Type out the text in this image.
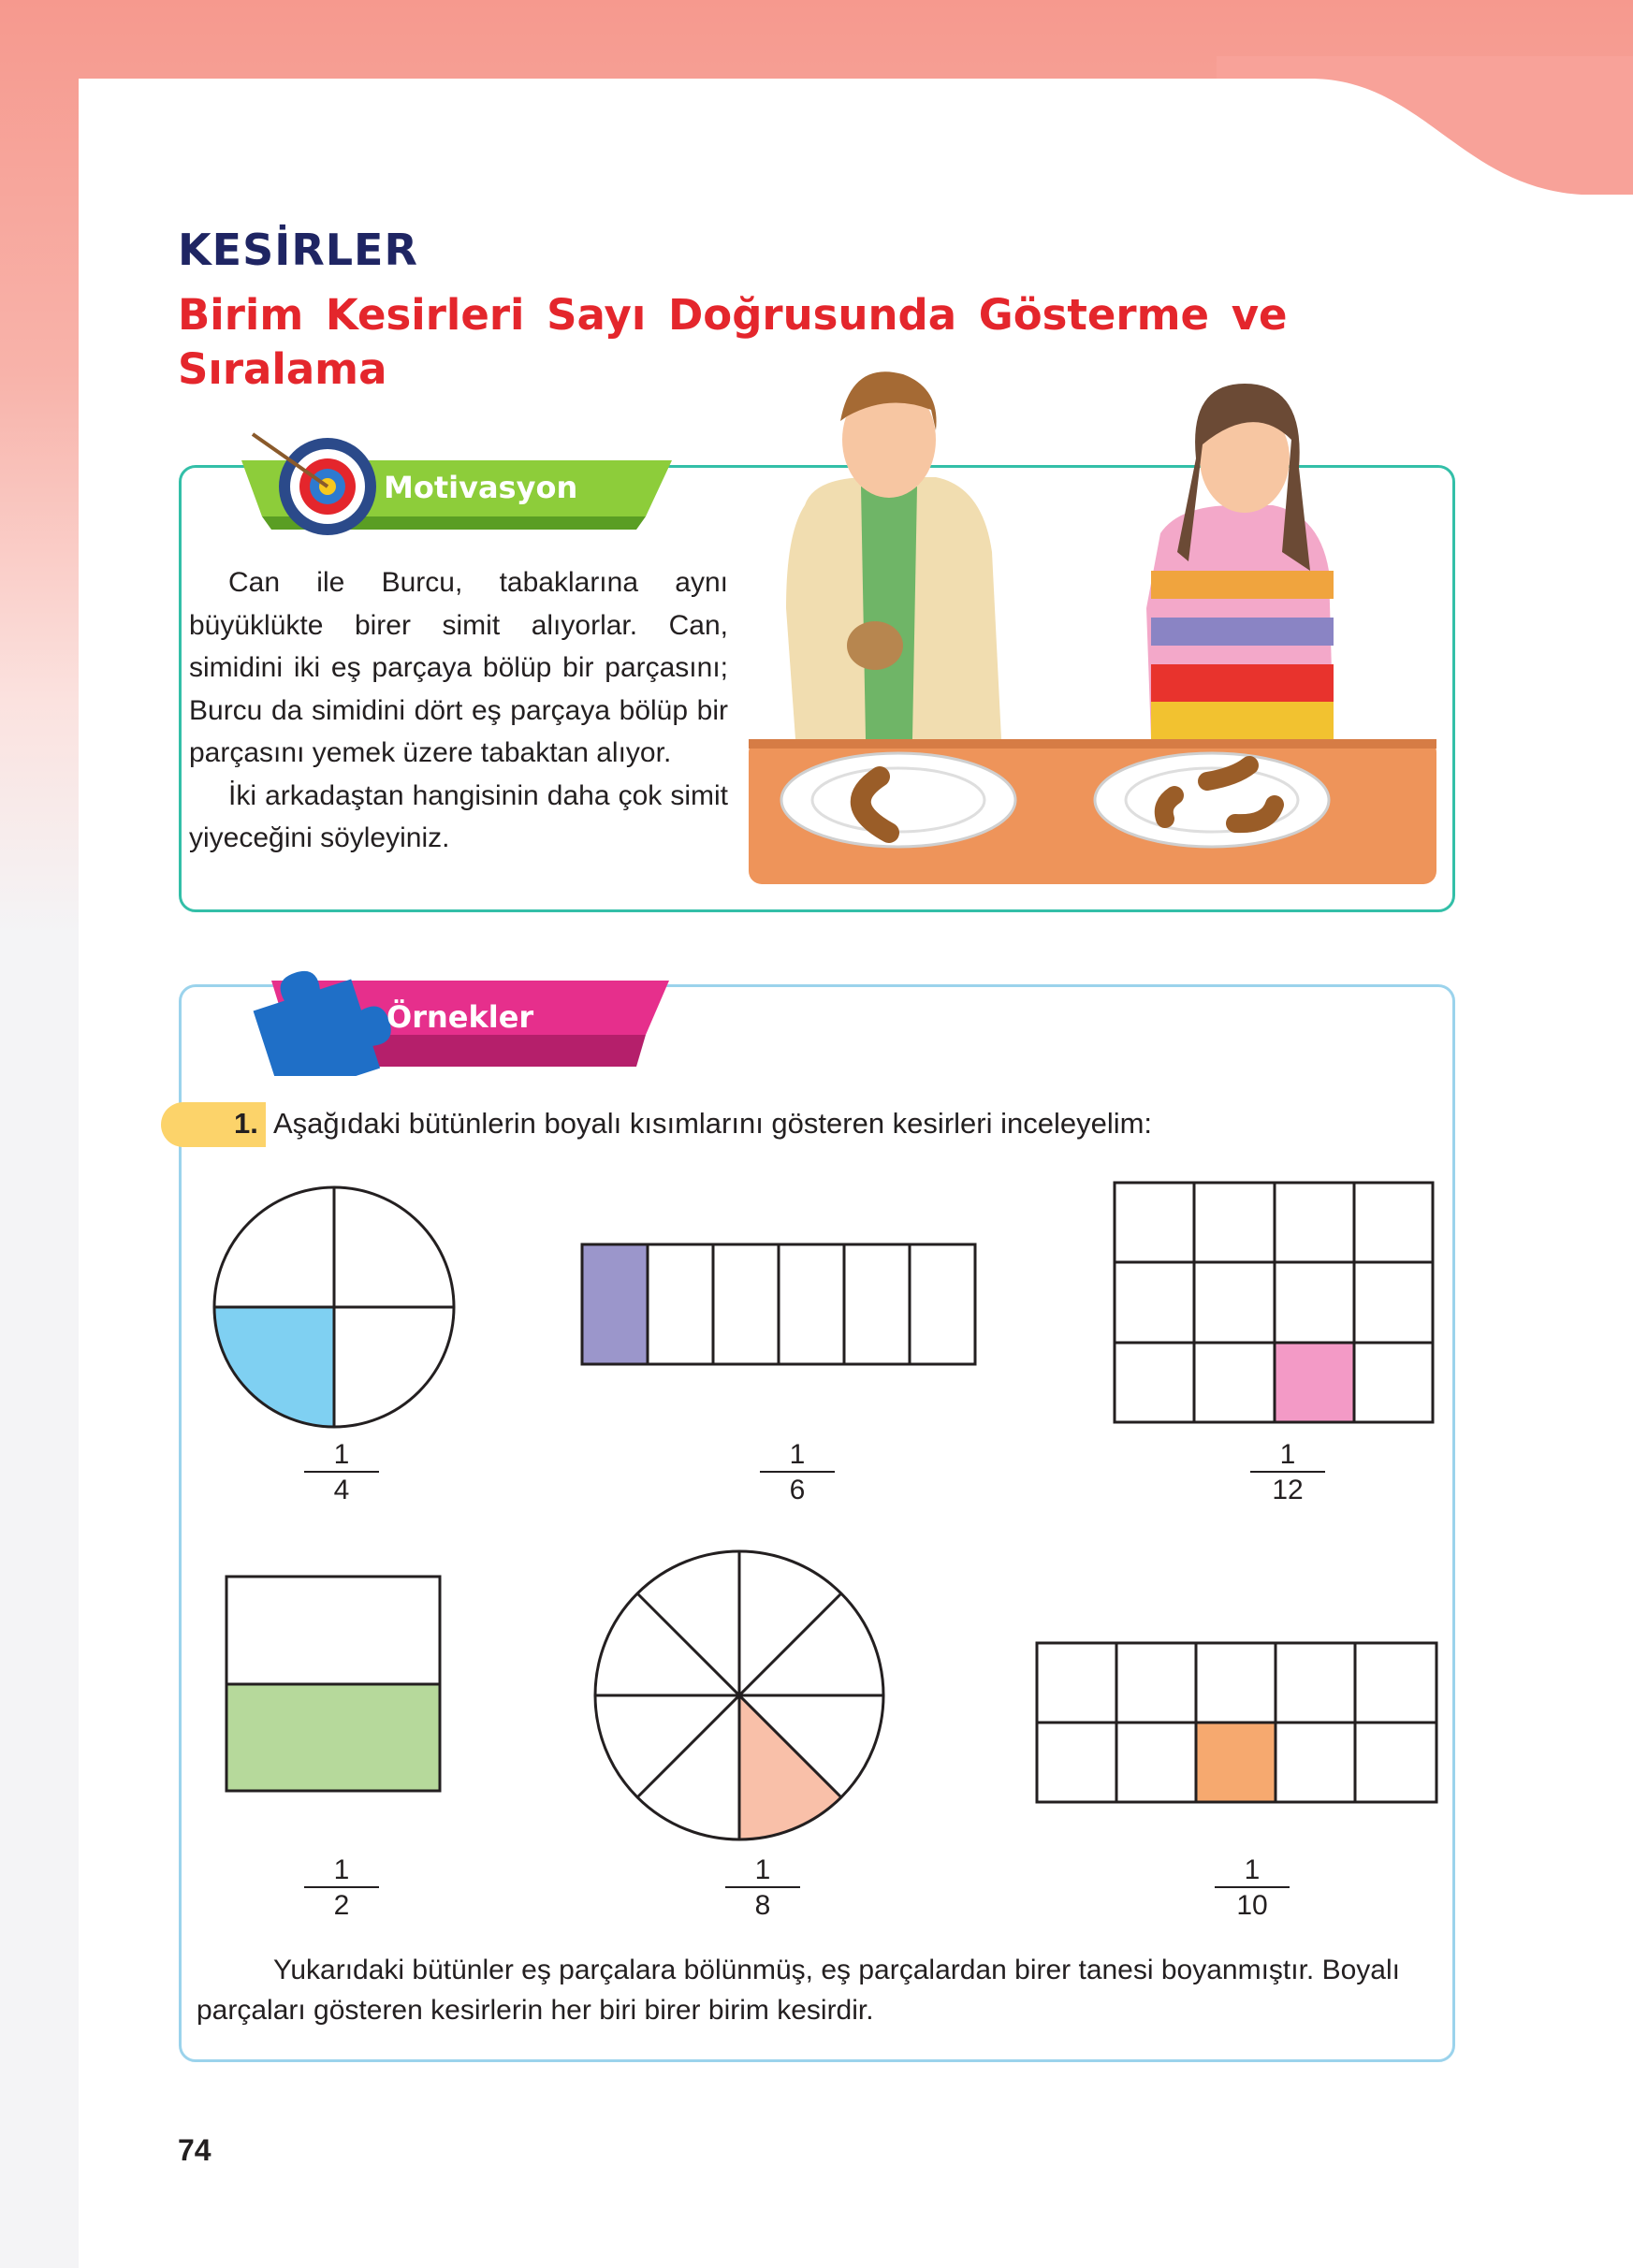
KESİRLER
Birim Kesirleri Sayı Doğrusunda Gösterme ve Sıralama
Motivasyon

Can ile Burcu, tabaklarına aynı büyüklükte birer simit alıyorlar. Can, simidini iki eş parçaya bölüp bir parçasını; Burcu da simidini dört eş parçaya bölüp bir parçasını yemek üzere tabaktan alıyor.

İki arkadaştan hangisinin daha çok simit yiyeceğini söyleyiniz.

Örnekler
1. Aşağıdaki bütünlerin boyalı kısımlarını gösteren kesirleri inceleyelim:
1
4
1
6
1
12
1
2
1
8
1
10

Yukarıdaki bütünler eş parçalara bölünmüş, eş parçalardan birer tanesi boyanmıştır. Boyalı parçaları gösteren kesirlerin her biri birer birim kesirdir.

74
